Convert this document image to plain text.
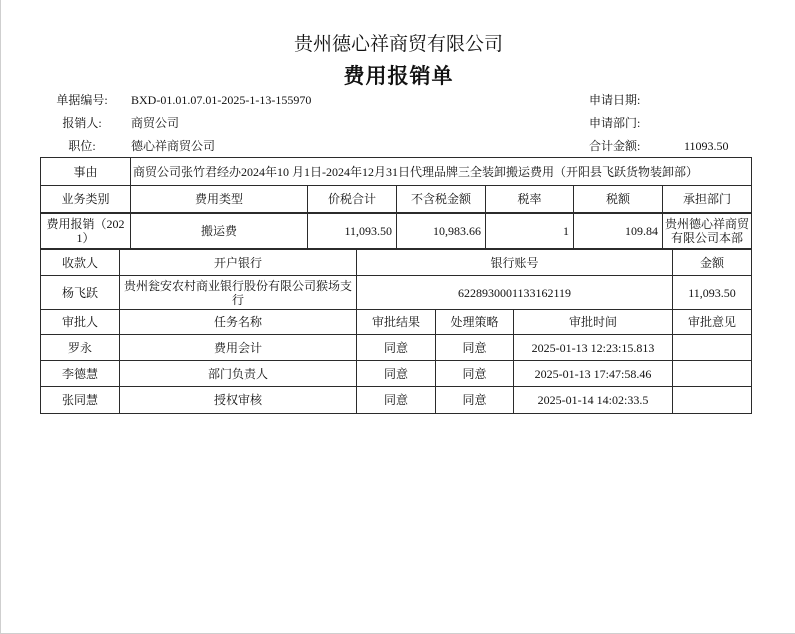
贵州德心祥商贸有限公司
费用报销单
单据编号:	BXD-01.01.07.01-2025-1-13-155970	申请日期:
报销人:	商贸公司	申请部门:
职位:	德心祥商贸公司	合计金额:	11093.50
事由	商贸公司张竹君经办2024年10 月1日-2024年12月31日代理品牌三全装卸搬运费用（开阳县飞跃货物装卸部）					
业务类别	费用类型	价税合计	不含税金额	税率	税额	承担部门
费用报销（2021）	搬运费	11,093.50	10,983.66	1	109.84	贵州德心祥商贸有限公司本部
收款人	开户银行	银行账号			金额
杨飞跃	贵州瓮安农村商业银行股份有限公司猴场支行	6228930001133162119			11,093.50
审批人	任务名称	审批结果	处理策略	审批时间	审批意见
罗永	费用会计	同意	同意	2025-01-13 12:23:15.813	
李德慧	部门负责人	同意	同意	2025-01-13 17:47:58.46	
张同慧	授权审核	同意	同意	2025-01-14 14:02:33.5	
